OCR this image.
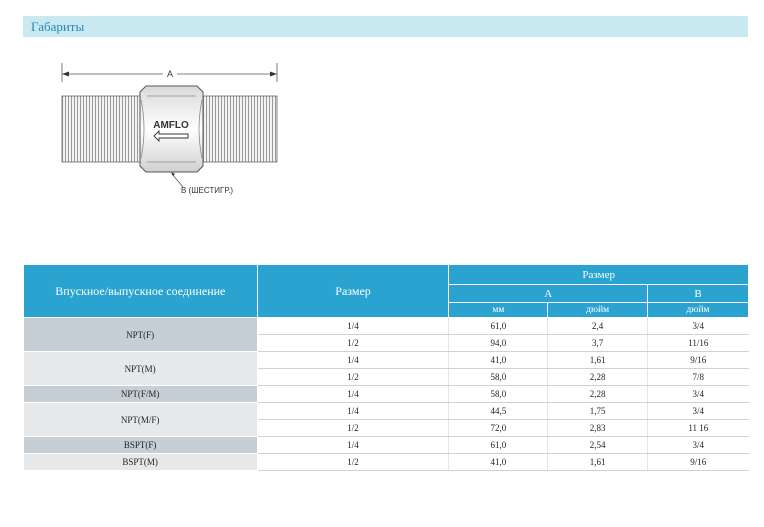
Габариты
A
AMFLO
B (ШЕСТИГР.)
Впускное/выпускное соединение	Размер	Размер		
		A		B
		мм	дюйм	дюйм
NPT(F)	1/4	61,0	2,4	3/4
	1/2	94,0	3,7	11/16
NPT(M)	1/4	41,0	1,61	9/16
	1/2	58,0	2,28	7/8
NPT(F/M)	1/4	58,0	2,28	3/4
NPT(M/F)	1/4	44,5	1,75	3/4
	1/2	72,0	2,83	11 16
BSPT(F)	1/4	61,0	2,54	3/4
BSPT(M)	1/2	41,0	1,61	9/16
